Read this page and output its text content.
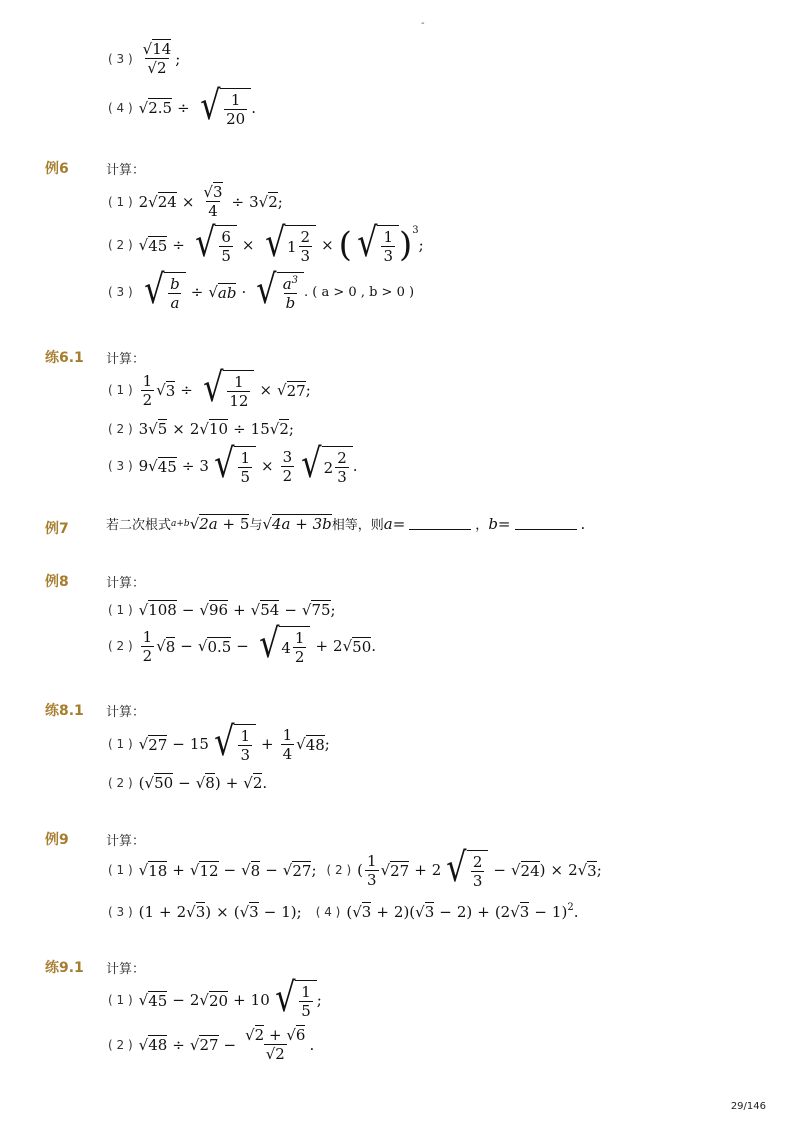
-
( 3 ) $\frac{√14}{√2}$ ;
( 4 ) √2.5 ÷ √ $\frac{1}{20}$ .
例6	计算：
( 1 ) 2√ $24 \times \frac{√3}{4} \div 3√$ 2 ;
( 2 ) √ 45 ÷ √ $\frac{6}{5}$ × √ $1 \frac{2}{3}$ × ( √ $\frac{1}{3}$ ) 3
;
( 3 ) √ $\frac{b}{a}$ ÷ √ ab · √ $\frac{a^3}{b}$ . ( a > 0 , b > 0 )
练6.1 计算：
( 1 ) $\frac{1}{2}$ √ 3 ÷ √ $\frac{1}{12}$ × √ 27 ;
( 2 ) 3√ 5 × 2√ 10 ÷ 15√ 2 ;
( 3 ) 9√ 45 ÷ 3 √ $\frac{1}{5} \times \frac{3}{2}$ √ $2 \frac{2}{3}$ .
例7	若二次根式 a+b √ 2a + 5 与 √ 4a + 3b 相等，则 a =	， b =	.
例8	计算：
( 1 ) √ 108 − √ 96 + √ 54 − √ 75 ;
( 2 ) $\frac{1}{2}$ √ 8 − √ 0.5 − √ $4 \frac{1}{2} + 2√$ 50 .
练8.1 计算：
( 1 ) √ 27 − 15 √ $\frac{1}{3} + \frac{1}{4}$ √ 48 ;
( 2 ) (√ 50 − √ 8 ) + √ 2 .
例9	计算：
( 1 ) √ 18 + √ 12 − √ 8 − √ 27 ; ( 2 ) ( $\frac{1}{3}$ √ 27 + 2 √ $\frac{2}{3}$ − √ 24 ) × 2√ 3 ;
( 3 ) (1 + 2√ 3 ) × (√ 3 − 1); ( 4 ) (√ 3 + 2)(√ 3 − 2) + (2√ 3 − 1) 2 .
练9.1 计算：
( 1 ) √ 45 − 2√ 20 + 10 √ $\frac{1}{5}$ ;
( 2 ) √ 48 ÷ √ $27 - \frac{√2 + √6}{√2}$ .
29/146
